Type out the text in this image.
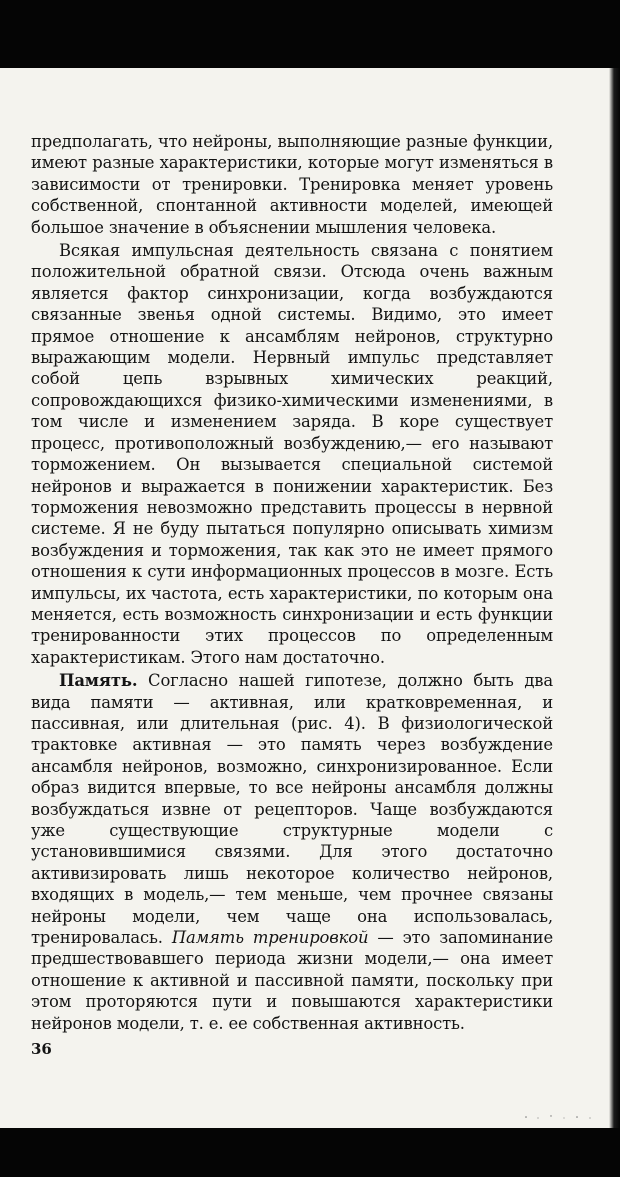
предполагать, что нейроны, выполняющие разные функции, имеют разные характеристики, которые могут изменяться в зависимости от тренировки. Тренировка меняет уровень собственной, спонтанной активности моделей, имеющей большое значение в объяснении мышления человека.

Всякая импульсная деятельность связана с понятием положительной обратной связи. Отсюда очень важным является фактор синхронизации, когда возбуждаются связанные звенья одной системы. Видимо, это имеет прямое отношение к ансамблям нейронов, структурно выражающим модели. Нервный импульс представляет собой цепь взрывных химических реакций, сопровождающихся физико-химическими изменениями, в том числе и изменением заряда. В коре существует процесс, противоположный возбуждению,— его называют торможением. Он вызывается специальной системой нейронов и выражается в понижении характеристик. Без торможения невозможно представить процессы в нервной системе. Я не буду пытаться популярно описывать химизм возбуждения и торможения, так как это не имеет прямого отношения к сути информационных процессов в мозге. Есть импульсы, их частота, есть характеристики, по которым она меняется, есть возможность синхронизации и есть функции тренированности этих процессов по определенным характеристикам. Этого нам достаточно.

Память. Согласно нашей гипотезе, должно быть два вида памяти — активная, или кратковременная, и пассивная, или длительная (рис. 4). В физиологической трактовке активная — это память через возбуждение ансамбля нейронов, возможно, синхронизированное. Если образ видится впервые, то все нейроны ансамбля должны возбуждаться извне от рецепторов. Чаще возбуждаются уже существующие структурные модели с установившимися связями. Для этого достаточно активизировать лишь некоторое количество нейронов, входящих в модель,— тем меньше, чем прочнее связаны нейроны модели, чем чаще она использовалась, тренировалась. Память тренировкой — это запоминание предшествовавшего периода жизни модели,— она имеет отношение к активной и пассивной памяти, поскольку при этом проторяются пути и повышаются характеристики нейронов модели, т. е. ее собственная активность.

36
